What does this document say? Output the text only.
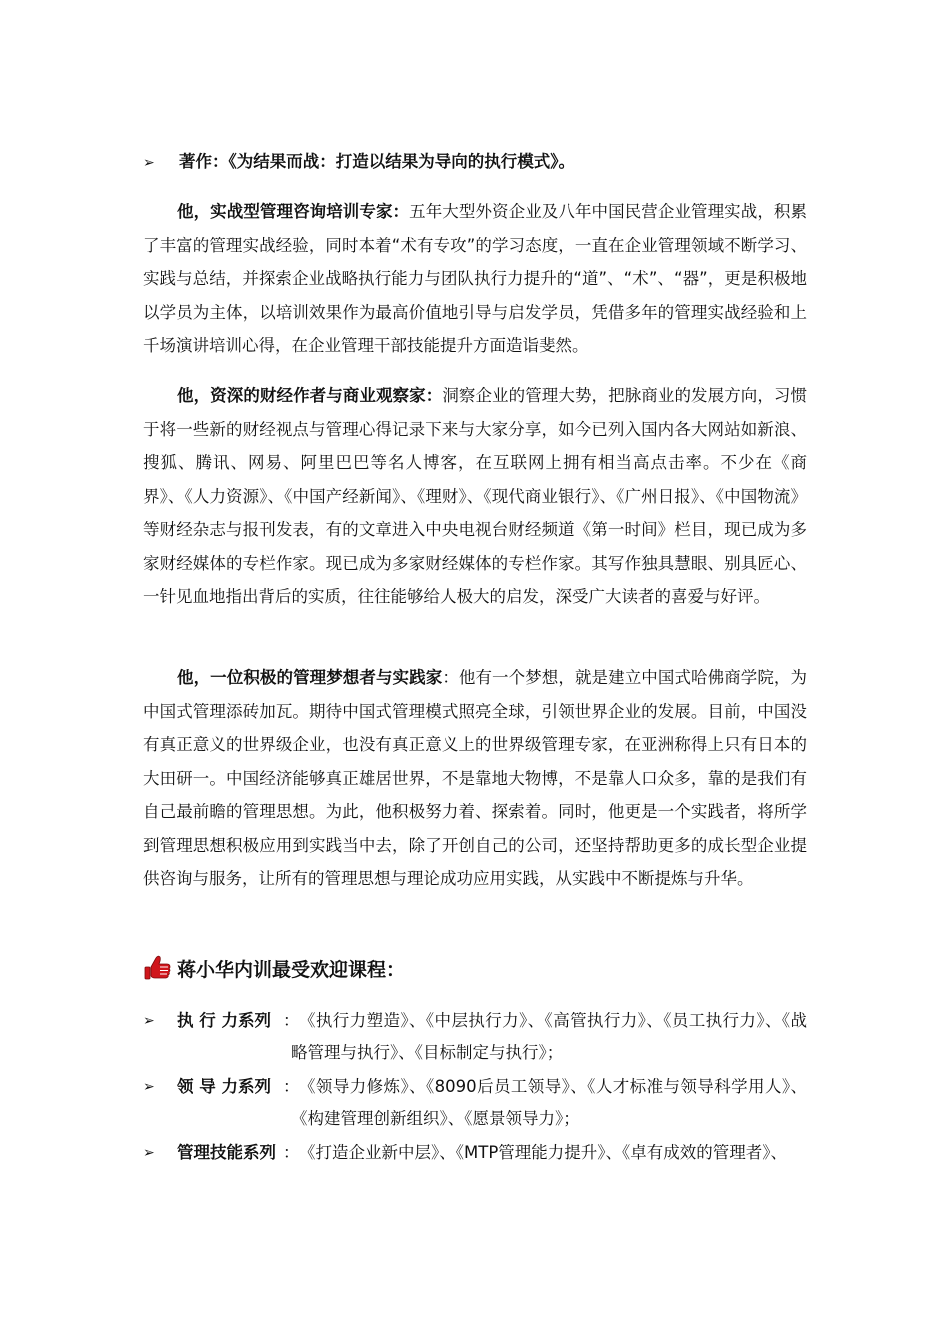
➢ 著作：《为结果而战：打造以结果为导向的执行模式》。
他，实战型管理咨询培训专家：五年大型外资企业及八年中国民营企业管理实战，积累了丰富的管理实战经验，同时本着“术有专攻”的学习态度，一直在企业管理领域不断学习、实践与总结，并探索企业战略执行能力与团队执行力提升的“道”、“术”、“器”，更是积极地以学员为主体，以培训效果作为最高价值地引导与启发学员，凭借多年的管理实战经验和上千场演讲培训心得，在企业管理干部技能提升方面造诣斐然。
他，资深的财经作者与商业观察家：洞察企业的管理大势，把脉商业的发展方向，习惯于将一些新的财经视点与管理心得记录下来与大家分享，如今已列入国内各大网站如新浪、搜狐、腾讯、网易、阿里巴巴等名人博客，在互联网上拥有相当高点击率。不少在《商界》、《人力资源》、《中国产经新闻》、《理财》、《现代商业银行》、《广州日报》、《中国物流》等财经杂志与报刊发表，有的文章进入中央电视台财经频道《第一时间》栏目，现已成为多家财经媒体的专栏作家。现已成为多家财经媒体的专栏作家。其写作独具慧眼、别具匠心、一针见血地指出背后的实质，往往能够给人极大的启发，深受广大读者的喜爱与好评。
他，一位积极的管理梦想者与实践家：他有一个梦想，就是建立中国式哈佛商学院，为中国式管理添砖加瓦。期待中国式管理模式照亮全球，引领世界企业的发展。目前，中国没有真正意义的世界级企业，也没有真正意义上的世界级管理专家，在亚洲称得上只有日本的大田研一。中国经济能够真正雄居世界，不是靠地大物博，不是靠人口众多，靠的是我们有自己最前瞻的管理思想。为此，他积极努力着、探索着。同时，他更是一个实践者，将所学到管理思想积极应用到实践当中去，除了开创自己的公司，还坚持帮助更多的成长型企业提供咨询与服务，让所有的管理思想与理论成功应用实践，从实践中不断提炼与升华。
蒋小华内训最受欢迎课程：
➢	执 行 力系列 ： 《执行力塑造》、《中层执行力》、《高管执行力》、《员工执行力》、《战略管理与执行》、《目标制定与执行》；
➢	领 导 力系列 ： 《领导力修炼》、《8090后员工领导》、《人才标准与领导科学用人》、《构建管理创新组织》、《愿景领导力》；
➢	管理技能系列 ： 《打造企业新中层》、《MTP管理能力提升》、《卓有成效的管理者》、
